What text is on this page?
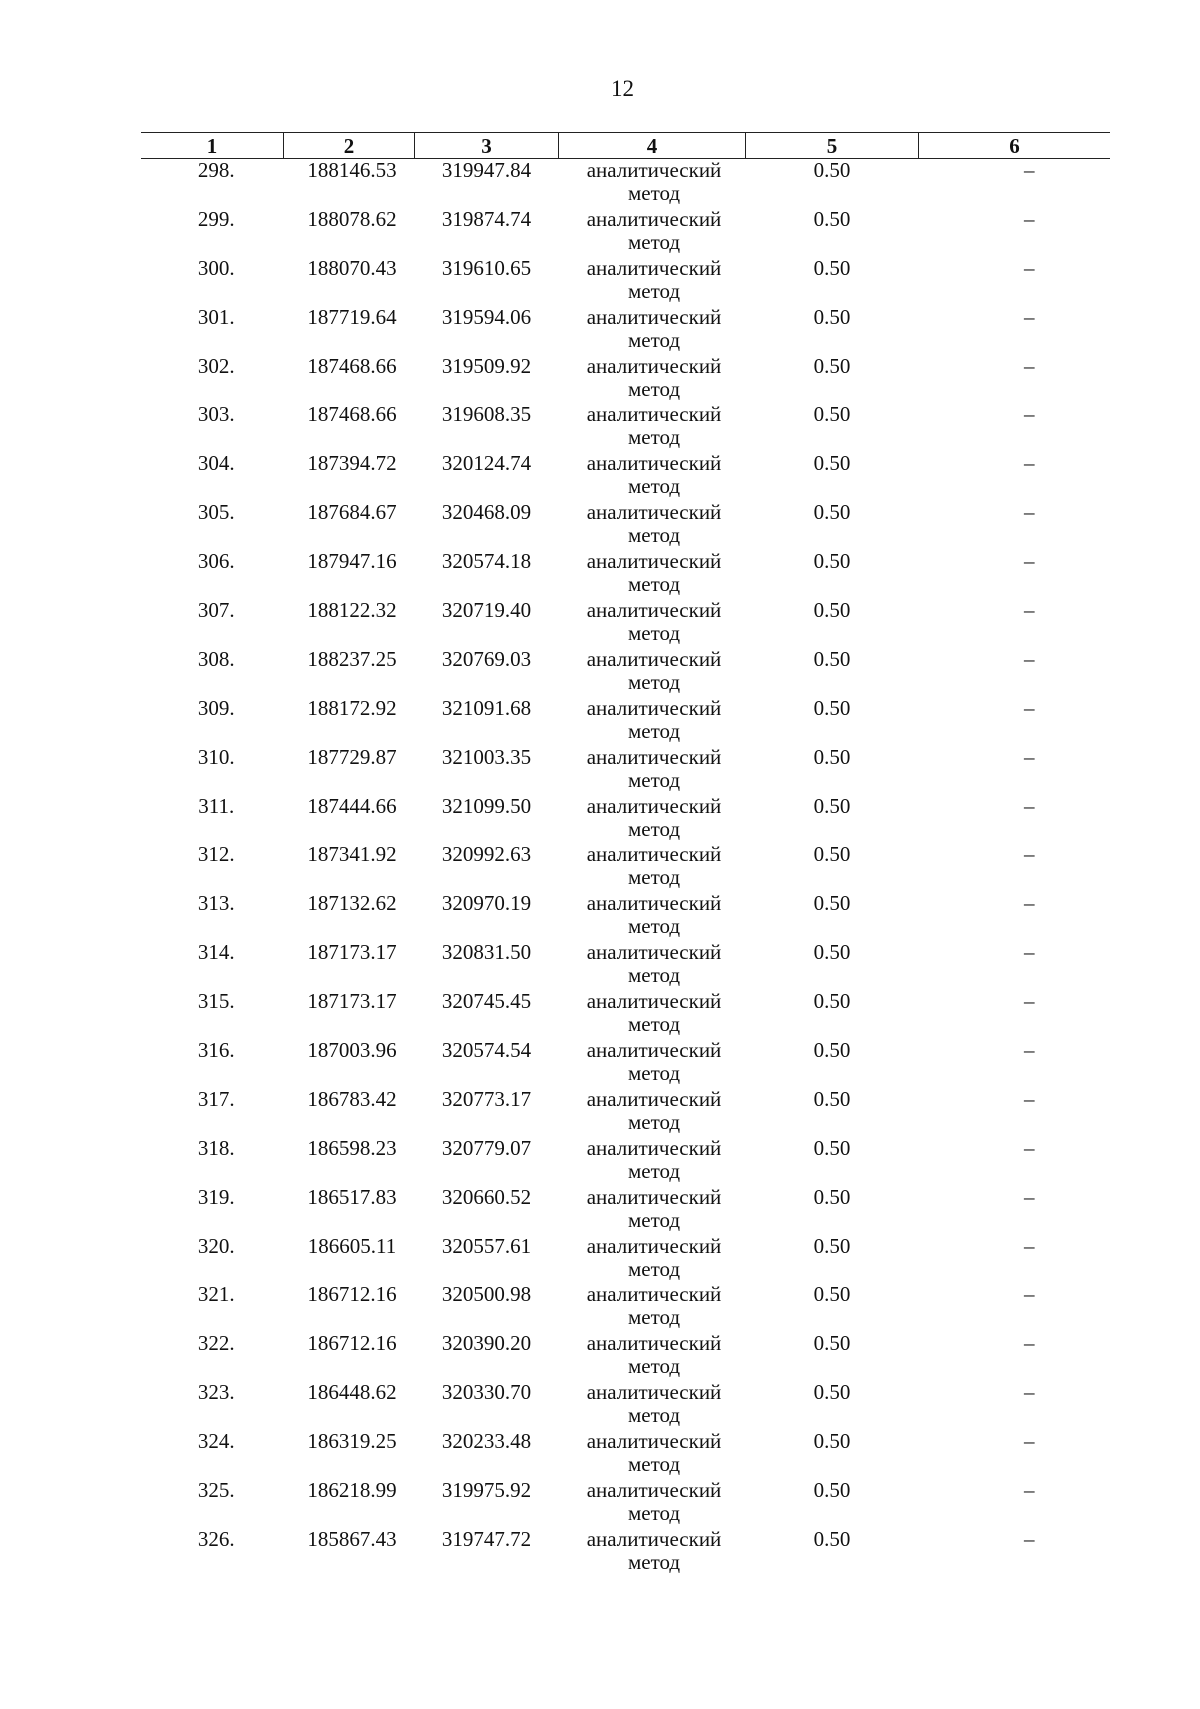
12
1	2	3	4	5	6
298.	188146.53	319947.84	аналитический
метод	0.50	–
299.	188078.62	319874.74	аналитический
метод	0.50	–
300.	188070.43	319610.65	аналитический
метод	0.50	–
301.	187719.64	319594.06	аналитический
метод	0.50	–
302.	187468.66	319509.92	аналитический
метод	0.50	–
303.	187468.66	319608.35	аналитический
метод	0.50	–
304.	187394.72	320124.74	аналитический
метод	0.50	–
305.	187684.67	320468.09	аналитический
метод	0.50	–
306.	187947.16	320574.18	аналитический
метод	0.50	–
307.	188122.32	320719.40	аналитический
метод	0.50	–
308.	188237.25	320769.03	аналитический
метод	0.50	–
309.	188172.92	321091.68	аналитический
метод	0.50	–
310.	187729.87	321003.35	аналитический
метод	0.50	–
311.	187444.66	321099.50	аналитический
метод	0.50	–
312.	187341.92	320992.63	аналитический
метод	0.50	–
313.	187132.62	320970.19	аналитический
метод	0.50	–
314.	187173.17	320831.50	аналитический
метод	0.50	–
315.	187173.17	320745.45	аналитический
метод	0.50	–
316.	187003.96	320574.54	аналитический
метод	0.50	–
317.	186783.42	320773.17	аналитический
метод	0.50	–
318.	186598.23	320779.07	аналитический
метод	0.50	–
319.	186517.83	320660.52	аналитический
метод	0.50	–
320.	186605.11	320557.61	аналитический
метод	0.50	–
321.	186712.16	320500.98	аналитический
метод	0.50	–
322.	186712.16	320390.20	аналитический
метод	0.50	–
323.	186448.62	320330.70	аналитический
метод	0.50	–
324.	186319.25	320233.48	аналитический
метод	0.50	–
325.	186218.99	319975.92	аналитический
метод	0.50	–
326.	185867.43	319747.72	аналитический
метод	0.50	–
